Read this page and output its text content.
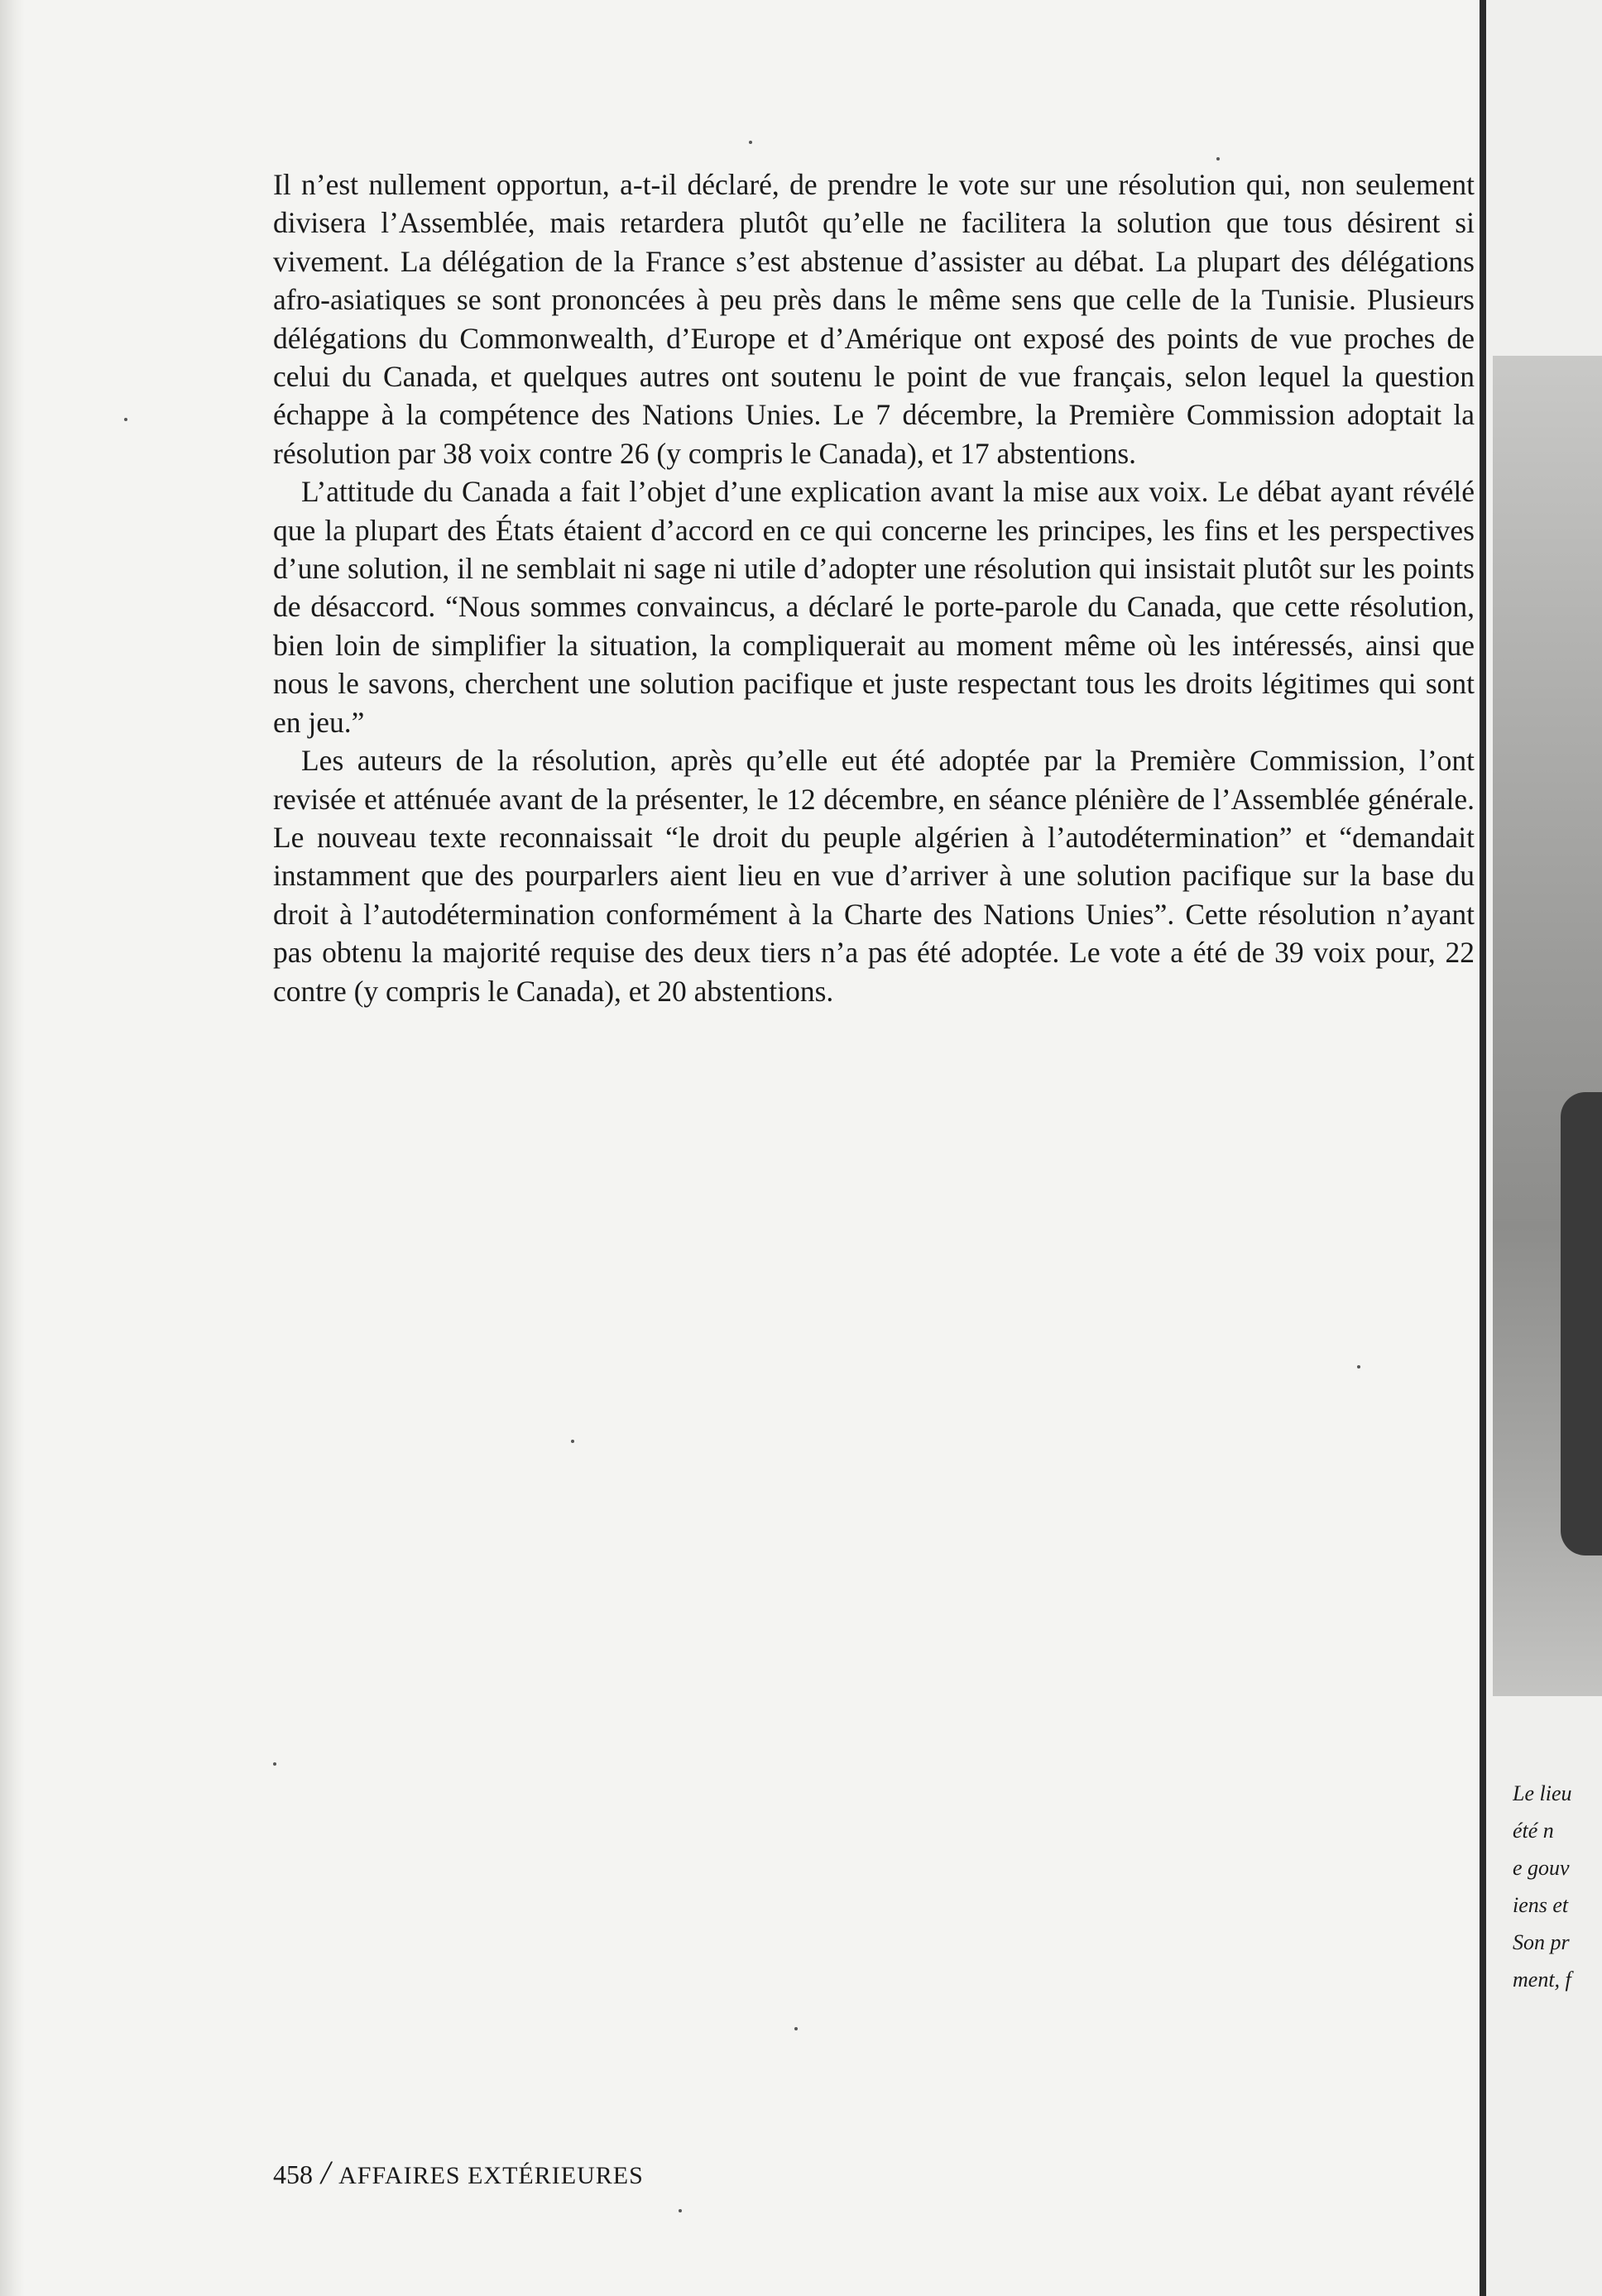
Il n’est nullement opportun, a-t-il déclaré, de prendre le vote sur une résolution qui, non seulement divisera l’Assemblée, mais retardera plutôt qu’elle ne facilitera la solution que tous désirent si vivement. La délégation de la France s’est abstenue d’assister au débat. La plupart des délégations afro-asiatiques se sont prononcées à peu près dans le même sens que celle de la Tunisie. Plusieurs délégations du Commonwealth, d’Europe et d’Amérique ont exposé des points de vue proches de celui du Canada, et quelques autres ont soutenu le point de vue français, selon lequel la question échappe à la compétence des Nations Unies. Le 7 décembre, la Première Commission adoptait la résolution par 38 voix contre 26 (y compris le Canada), et 17 abstentions.

L’attitude du Canada a fait l’objet d’une explication avant la mise aux voix. Le débat ayant révélé que la plupart des États étaient d’accord en ce qui concerne les principes, les fins et les perspectives d’une solution, il ne semblait ni sage ni utile d’adopter une résolution qui insistait plutôt sur les points de désaccord. “Nous sommes convaincus, a déclaré le porte-parole du Canada, que cette résolution, bien loin de simplifier la situation, la compliquerait au moment même où les intéressés, ainsi que nous le savons, cherchent une solution pacifique et juste respectant tous les droits légitimes qui sont en jeu.”

Les auteurs de la résolution, après qu’elle eut été adoptée par la Première Commission, l’ont revisée et atténuée avant de la présenter, le 12 décembre, en séance plénière de l’Assemblée générale. Le nouveau texte reconnaissait “le droit du peuple algérien à l’autodétermination” et “demandait instamment que des pourparlers aient lieu en vue d’arriver à une solution pacifique sur la base du droit à l’autodétermination conformément à la Charte des Nations Unies”. Cette résolution n’ayant pas obtenu la majorité requise des deux tiers n’a pas été adoptée. Le vote a été de 39 voix pour, 22 contre (y compris le Canada), et 20 abstentions.

458 / AFFAIRES EXTÉRIEURES
Le lieu
été n
e gouv
iens et
Son pr
ment, f
